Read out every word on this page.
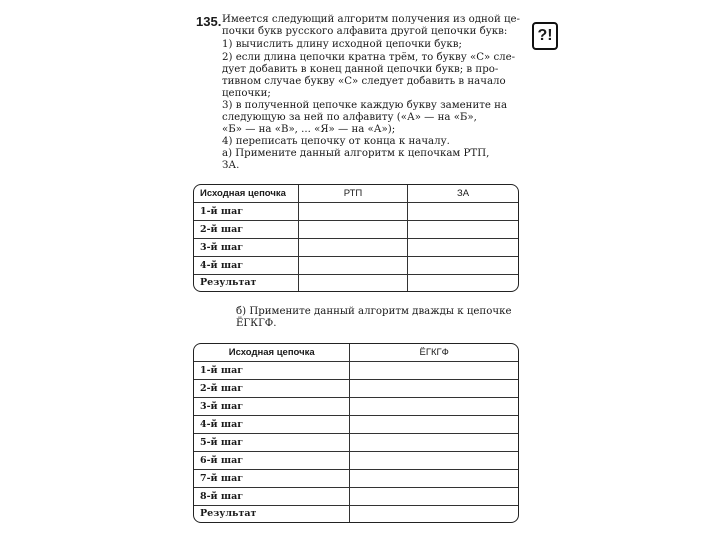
135.
?!
Имеется следующий алгоритм получения из одной це-
почки букв русского алфавита другой цепочки букв:
1) вычислить длину исходной цепочки букв;
2) если длина цепочки кратна трём, то букву «С» сле-
дует добавить в конец данной цепочки букв; в про-
тивном случае букву «С» следует добавить в начало
цепочки;
3) в полученной цепочке каждую букву замените на
следующую за ней по алфавиту («А» — на «Б»,
«Б» — на «В», ... «Я» — на «А»);
4) переписать цепочку от конца к началу.
а) Примените данный алгоритм к цепочкам РТП,
ЗА.
Исходная цепочка	РТП	ЗА
1-й шаг		
2-й шаг		
3-й шаг		
4-й шаг		
Результат		
б) Примените данный алгоритм дважды к цепочке
ЁГКГФ.
Исходная цепочка	ЁГКГФ
1-й шаг	
2-й шаг	
3-й шаг	
4-й шаг	
5-й шаг	
6-й шаг	
7-й шаг	
8-й шаг	
Результат	
